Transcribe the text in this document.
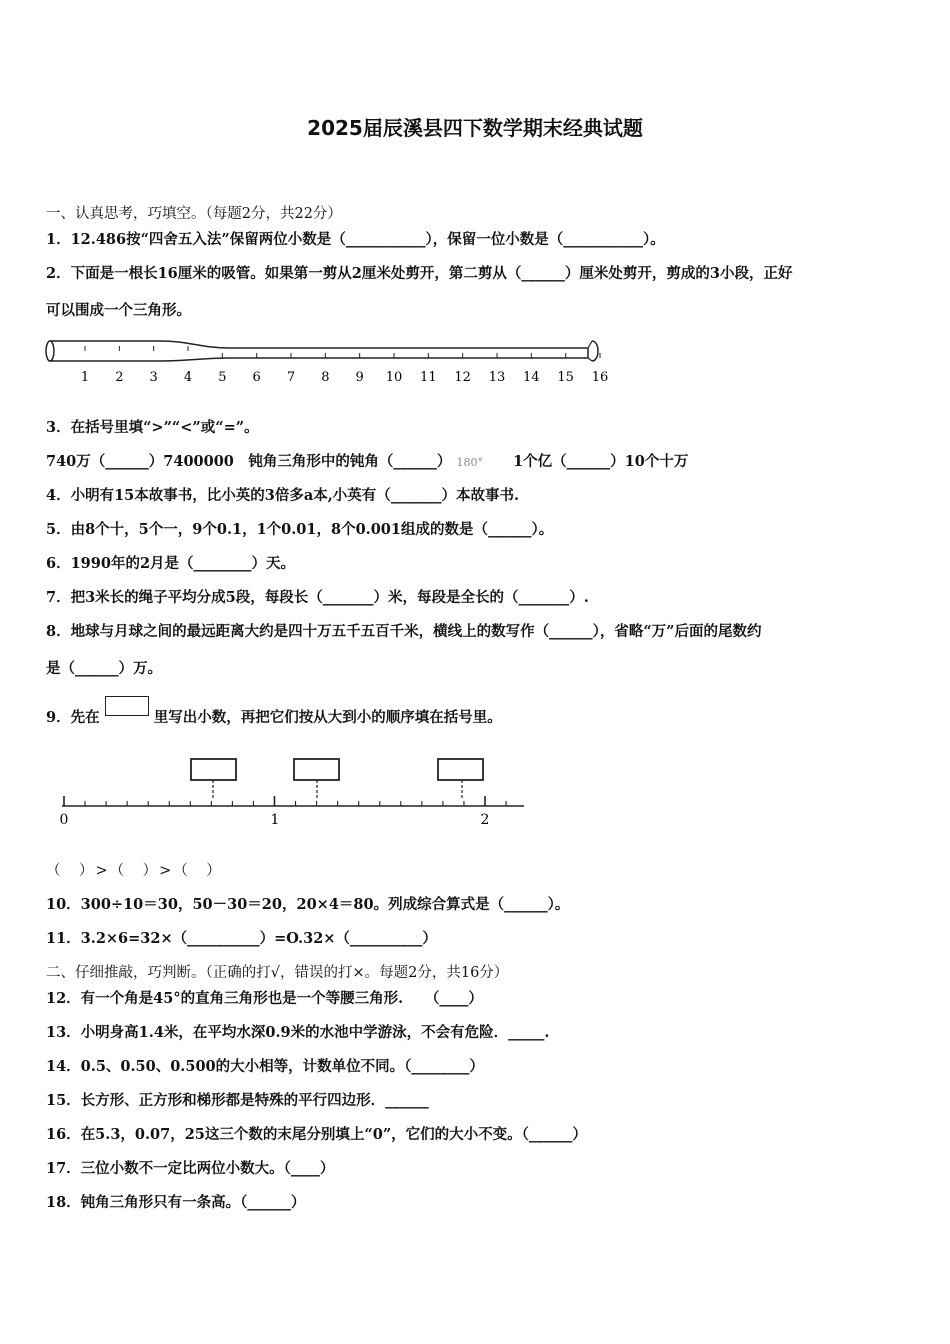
2025届辰溪县四下数学期末经典试题
一、认真思考，巧填空。（每题2分，共22分）
1．12.486按“四舍五入法”保留两位小数是（___________），保留一位小数是（___________）。
2．下面是一根长16厘米的吸管。如果第一剪从2厘米处剪开，第二剪从（______）厘米处剪开，剪成的3小段，正好
可以围成一个三角形。
1 2 3 4 5 6 7 8 9 10 11 12 13 14 15 16
3．在括号里填“>”“<”或“=”。
740万（______）7400000　钝角三角形中的钝角（______） 180° 1个亿（______）10个十万
4．小明有15本故事书，比小英的3倍多a本,小英有（_______）本故事书.
5．由8个十，5个一，9个0.1，1个0.01，8个0.001组成的数是（______）。
6．1990年的2月是（________）天。
7．把3米长的绳子平均分成5段，每段长（_______）米，每段是全长的（_______）.
8．地球与月球之间的最远距离大约是四十万五千五百千米，横线上的数写作（______），省略“万”后面的尾数约
是（______）万。
9．先在	里写出小数，再把它们按从大到小的顺序填在括号里。
0	1	2
（　）>（　）>（　）
10．300÷10＝30，50－30＝20，20×4＝80。列成综合算式是（______）。
11．3.2×6=32×（__________）=O.32×（__________）
二、仔细推敲，巧判断。（正确的打√，错误的打×。每题2分，共16分）
12．有一个角是45°的直角三角形也是一个等腰三角形.　　（____）
13．小明身高1.4米，在平均水深0.9米的水池中学游泳，不会有危险．_____.
14．0.5、0.50、0.500的大小相等，计数单位不同。（________）
15．长方形、正方形和梯形都是特殊的平行四边形．______
16．在5.3，0.07，25这三个数的末尾分别填上“0”，它们的大小不变。（______）
17．三位小数不一定比两位小数大。（____）
18．钝角三角形只有一条高。（______）
